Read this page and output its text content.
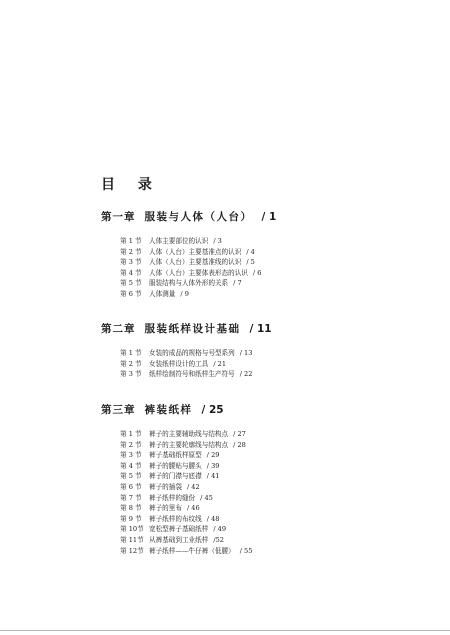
目 录
第一章 服装与人体（人台） / 1
第 1 节 人体主要部位的认识 / 3
第 2 节 人体（人台）主要基准点的认识 / 4
第 3 节 人体（人台）主要基准线的认识 / 5
第 4 节 人体（人台）主要体表形态的认识 / 6
第 5 节 服装结构与人体外形的关系 / 7
第 6 节 人体测量 / 9
第二章 服装纸样设计基础 / 11
第 1 节 女装的成品的规格与号型系列 / 13
第 2 节 女装纸样设计的工具 / 21
第 3 节 纸样绘制符号和纸样生产符号 / 22
第三章 裤装纸样 / 25
第 1 节 裤子的主要辅助线与结构点 / 27
第 2 节 裤子的主要轮廓线与结构点 / 28
第 3 节 裤子基础纸样原型 / 29
第 4 节 裤子的腰贴与腰头 / 39
第 5 节 裤子的门襟与底襟 / 41
第 6 节 裤子的插袋 / 42
第 7 节 裤子纸样的缝份 / 45
第 8 节 裤子的里布 / 46
第 9 节 裤子纸样的布纹线 / 48
第 10节 宽松型裤子基础纸样 / 49
第 11节 从裤基础到工业纸样 /52
第 12节 裤子纸样——牛仔裤（低腰） / 55
